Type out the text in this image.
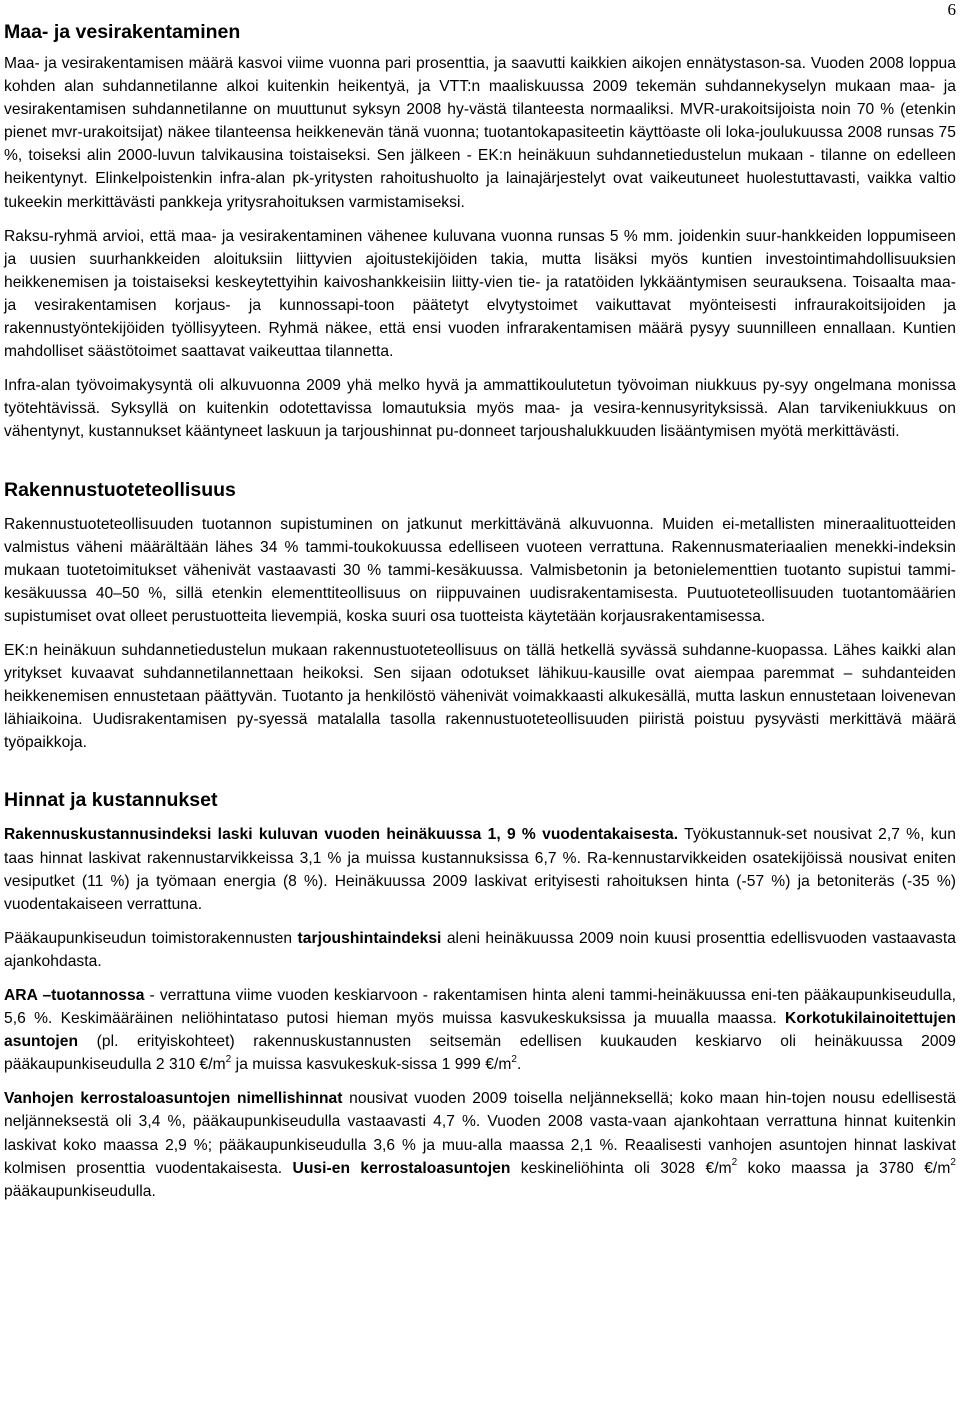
6
Maa- ja vesirakentaminen

Maa- ja vesirakentamisen määrä kasvoi viime vuonna pari prosenttia, ja saavutti kaikkien aikojen ennätystason-sa. Vuoden 2008 loppua kohden alan suhdannetilanne alkoi kuitenkin heikentyä, ja VTT:n maaliskuussa 2009 tekemän suhdannekyselyn mukaan maa- ja vesirakentamisen suhdannetilanne on muuttunut syksyn 2008 hy-västä tilanteesta normaaliksi. MVR-urakoitsijoista noin 70 % (etenkin pienet mvr-urakoitsijat) näkee tilanteensa heikkenevän tänä vuonna; tuotantokapasiteetin käyttöaste oli loka-joulukuussa 2008 runsas 75 %, toiseksi alin 2000-luvun talvikausina toistaiseksi. Sen jälkeen - EK:n heinäkuun suhdannetiedustelun mukaan - tilanne on edelleen heikentynyt. Elinkelpoistenkin infra-alan pk-yritysten rahoitushuolto ja lainajärjestelyt ovat vaikeutuneet huolestuttavasti, vaikka valtio tukeekin merkittävästi pankkeja yritysrahoituksen varmistamiseksi.

Raksu-ryhmä arvioi, että maa- ja vesirakentaminen vähenee kuluvana vuonna runsas 5 % mm. joidenkin suur-hankkeiden loppumiseen ja uusien suurhankkeiden aloituksiin liittyvien ajoitustekijöiden takia, mutta lisäksi myös kuntien investointimahdollisuuksien heikkenemisen ja toistaiseksi keskeytettyihin kaivoshankkeisiin liitty-vien tie- ja ratatöiden lykkääntymisen seurauksena. Toisaalta maa- ja vesirakentamisen korjaus- ja kunnossapi-toon päätetyt elvytystoimet vaikuttavat myönteisesti infraurakoitsijoiden ja rakennustyöntekijöiden työllisyyteen. Ryhmä näkee, että ensi vuoden infrarakentamisen määrä pysyy suunnilleen ennallaan. Kuntien mahdolliset säästötoimet saattavat vaikeuttaa tilannetta.

Infra-alan työvoimakysyntä oli alkuvuonna 2009 yhä melko hyvä ja ammattikoulutetun työvoiman niukkuus py-syy ongelmana monissa työtehtävissä. Syksyllä on kuitenkin odotettavissa lomautuksia myös maa- ja vesira-kennusyrityksissä. Alan tarvikeniukkuus on vähentynyt, kustannukset kääntyneet laskuun ja tarjoushinnat pu-donneet tarjoushalukkuuden lisääntymisen myötä merkittävästi.

Rakennustuoteteollisuus

Rakennustuoteteollisuuden tuotannon supistuminen on jatkunut merkittävänä alkuvuonna. Muiden ei-metallisten mineraalituotteiden valmistus väheni määrältään lähes 34 % tammi-toukokuussa edelliseen vuoteen verrattuna. Rakennusmateriaalien menekki-indeksin mukaan tuotetoimitukset vähenivät vastaavasti 30 % tammi-kesäkuussa. Valmisbetonin ja betonielementtien tuotanto supistui tammi-kesäkuussa 40–50 %, sillä etenkin elementtiteollisuus on riippuvainen uudisrakentamisesta. Puutuoteteollisuuden tuotantomäärien supistumiset ovat olleet perustuotteita lievempiä, koska suuri osa tuotteista käytetään korjausrakentamisessa.

EK:n heinäkuun suhdannetiedustelun mukaan rakennustuoteteollisuus on tällä hetkellä syvässä suhdanne-kuopassa. Lähes kaikki alan yritykset kuvaavat suhdannetilannettaan heikoksi. Sen sijaan odotukset lähikuu-kausille ovat aiempaa paremmat – suhdanteiden heikkenemisen ennustetaan päättyvän. Tuotanto ja henkilöstö vähenivät voimakkaasti alkukesällä, mutta laskun ennustetaan loivenevan lähiaikoina. Uudisrakentamisen py-syessä matalalla tasolla rakennustuoteteollisuuden piiristä poistuu pysyvästi merkittävä määrä työpaikkoja.

Hinnat ja kustannukset

Rakennuskustannusindeksi laski kuluvan vuoden heinäkuussa 1, 9 % vuodentakaisesta. Työkustannuk-set nousivat 2,7 %, kun taas hinnat laskivat rakennustarvikkeissa 3,1 % ja muissa kustannuksissa 6,7 %. Ra-kennustarvikkeiden osatekijöissä nousivat eniten vesiputket (11 %) ja työmaan energia (8 %). Heinäkuussa 2009 laskivat erityisesti rahoituksen hinta (-57 %) ja betoniteräs (-35 %) vuodentakaiseen verrattuna.

Pääkaupunkiseudun toimistorakennusten tarjoushintaindeksi aleni heinäkuussa 2009 noin kuusi prosenttia edellisvuoden vastaavasta ajankohdasta.

ARA –tuotannossa - verrattuna viime vuoden keskiarvoon - rakentamisen hinta aleni tammi-heinäkuussa eni-ten pääkaupunkiseudulla, 5,6 %. Keskimääräinen neliöhintataso putosi hieman myös muissa kasvukeskuksissa ja muualla maassa. Korkotukilainoitettujen asuntojen (pl. erityiskohteet) rakennuskustannusten seitsemän edellisen kuukauden keskiarvo oli heinäkuussa 2009 pääkaupunkiseudulla 2 310 $€/m^2$ ja muissa kasvukeskuk-sissa 1 999 $€/m^2$.

Vanhojen kerrostaloasuntojen nimellishinnat nousivat vuoden 2009 toisella neljänneksellä; koko maan hin-tojen nousu edellisestä neljänneksestä oli 3,4 %, pääkaupunkiseudulla vastaavasti 4,7 %. Vuoden 2008 vasta-vaan ajankohtaan verrattuna hinnat kuitenkin laskivat koko maassa 2,9 %; pääkaupunkiseudulla 3,6 % ja muu-alla maassa 2,1 %. Reaalisesti vanhojen asuntojen hinnat laskivat kolmisen prosenttia vuodentakaisesta. Uusi-en kerrostaloasuntojen keskineliöhinta oli 3028 $€/m^2$ koko maassa ja 3780 $€/m^2$ pääkaupunkiseudulla.
